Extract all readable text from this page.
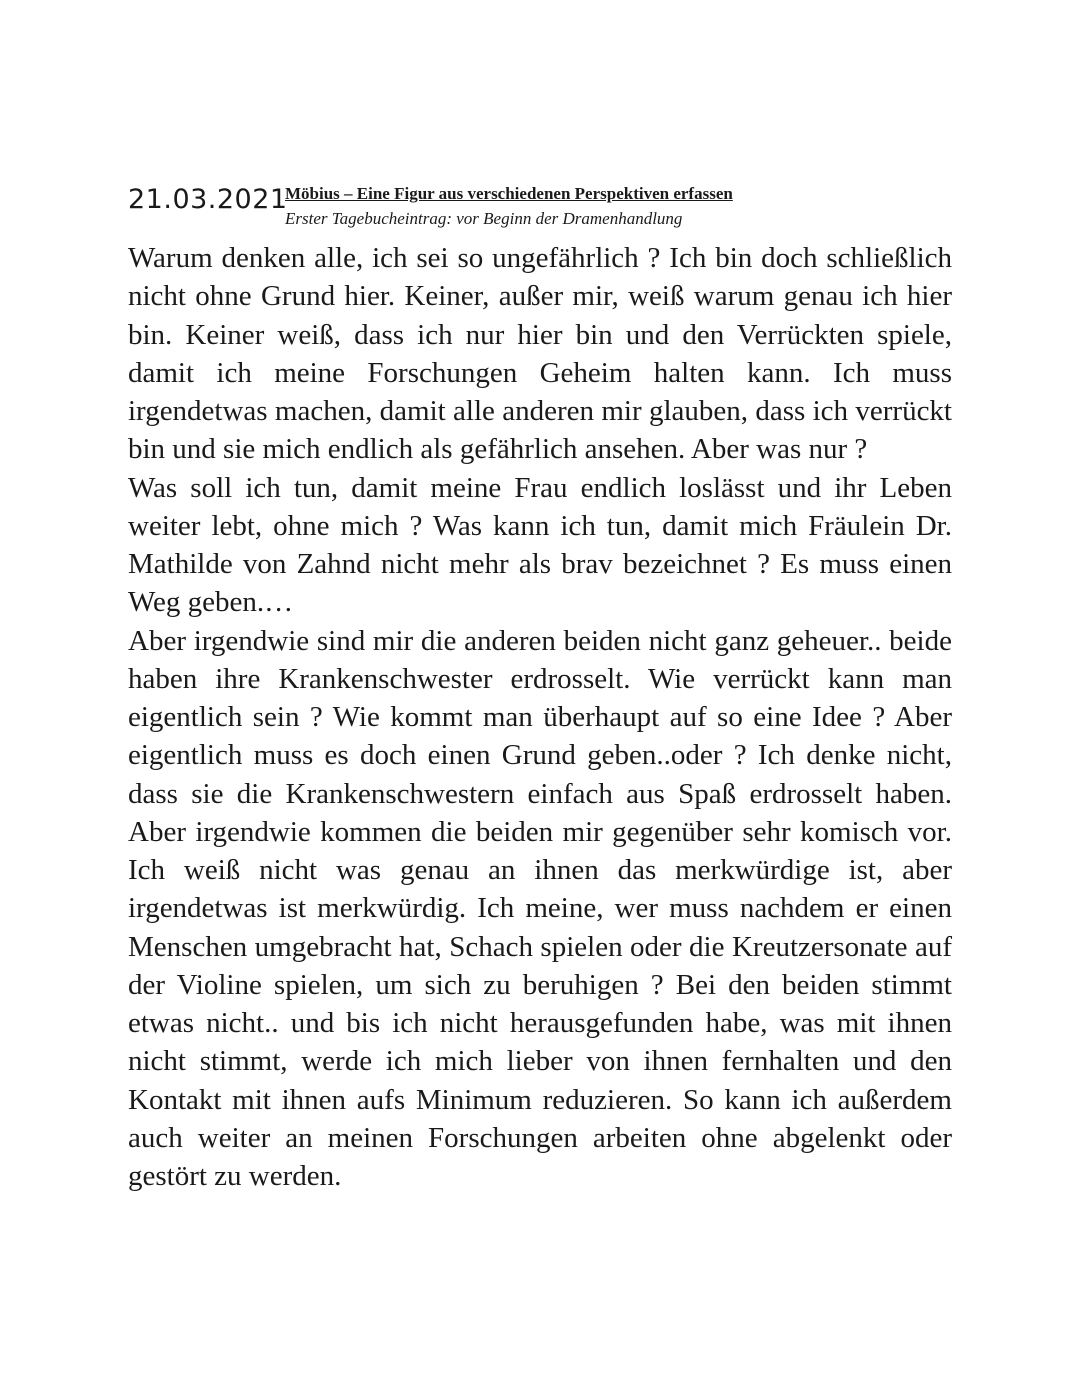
21.03.2021
Möbius – Eine Figur aus verschiedenen Perspektiven erfassen
Erster Tagebucheintrag: vor Beginn der Dramenhandlung

Warum denken alle, ich sei so ungefährlich ? Ich bin doch schließlich nicht ohne Grund hier. Keiner, außer mir, weiß warum genau ich hier bin. Keiner weiß, dass ich nur hier bin und den Verrückten spiele, damit ich meine Forschungen Geheim halten kann. Ich muss irgendetwas machen, damit alle anderen mir glauben, dass ich verrückt bin und sie mich endlich als gefährlich ansehen. Aber was nur ?

Was soll ich tun, damit meine Frau endlich loslässt und ihr Leben weiter lebt, ohne mich ? Was kann ich tun, damit mich Fräulein Dr. Mathilde von Zahnd nicht mehr als brav bezeichnet ? Es muss einen Weg geben.…

Aber irgendwie sind mir die anderen beiden nicht ganz geheuer.. beide haben ihre Krankenschwester erdrosselt. Wie verrückt kann man eigentlich sein ? Wie kommt man überhaupt auf so eine Idee ? Aber eigentlich muss es doch einen Grund geben..oder ? Ich denke nicht, dass sie die Krankenschwestern einfach aus Spaß erdrosselt haben. Aber irgendwie kommen die beiden mir gegenüber sehr komisch vor. Ich weiß nicht was genau an ihnen das merkwürdige ist, aber irgendetwas ist merkwürdig. Ich meine, wer muss nachdem er einen Menschen umgebracht hat, Schach spielen oder die Kreutzersonate auf der Violine spielen, um sich zu beruhigen ? Bei den beiden stimmt etwas nicht.. und bis ich nicht herausgefunden habe, was mit ihnen nicht stimmt, werde ich mich lieber von ihnen fernhalten und den Kontakt mit ihnen aufs Minimum reduzieren. So kann ich außerdem auch weiter an meinen Forschungen arbeiten ohne abgelenkt oder gestört zu werden.
